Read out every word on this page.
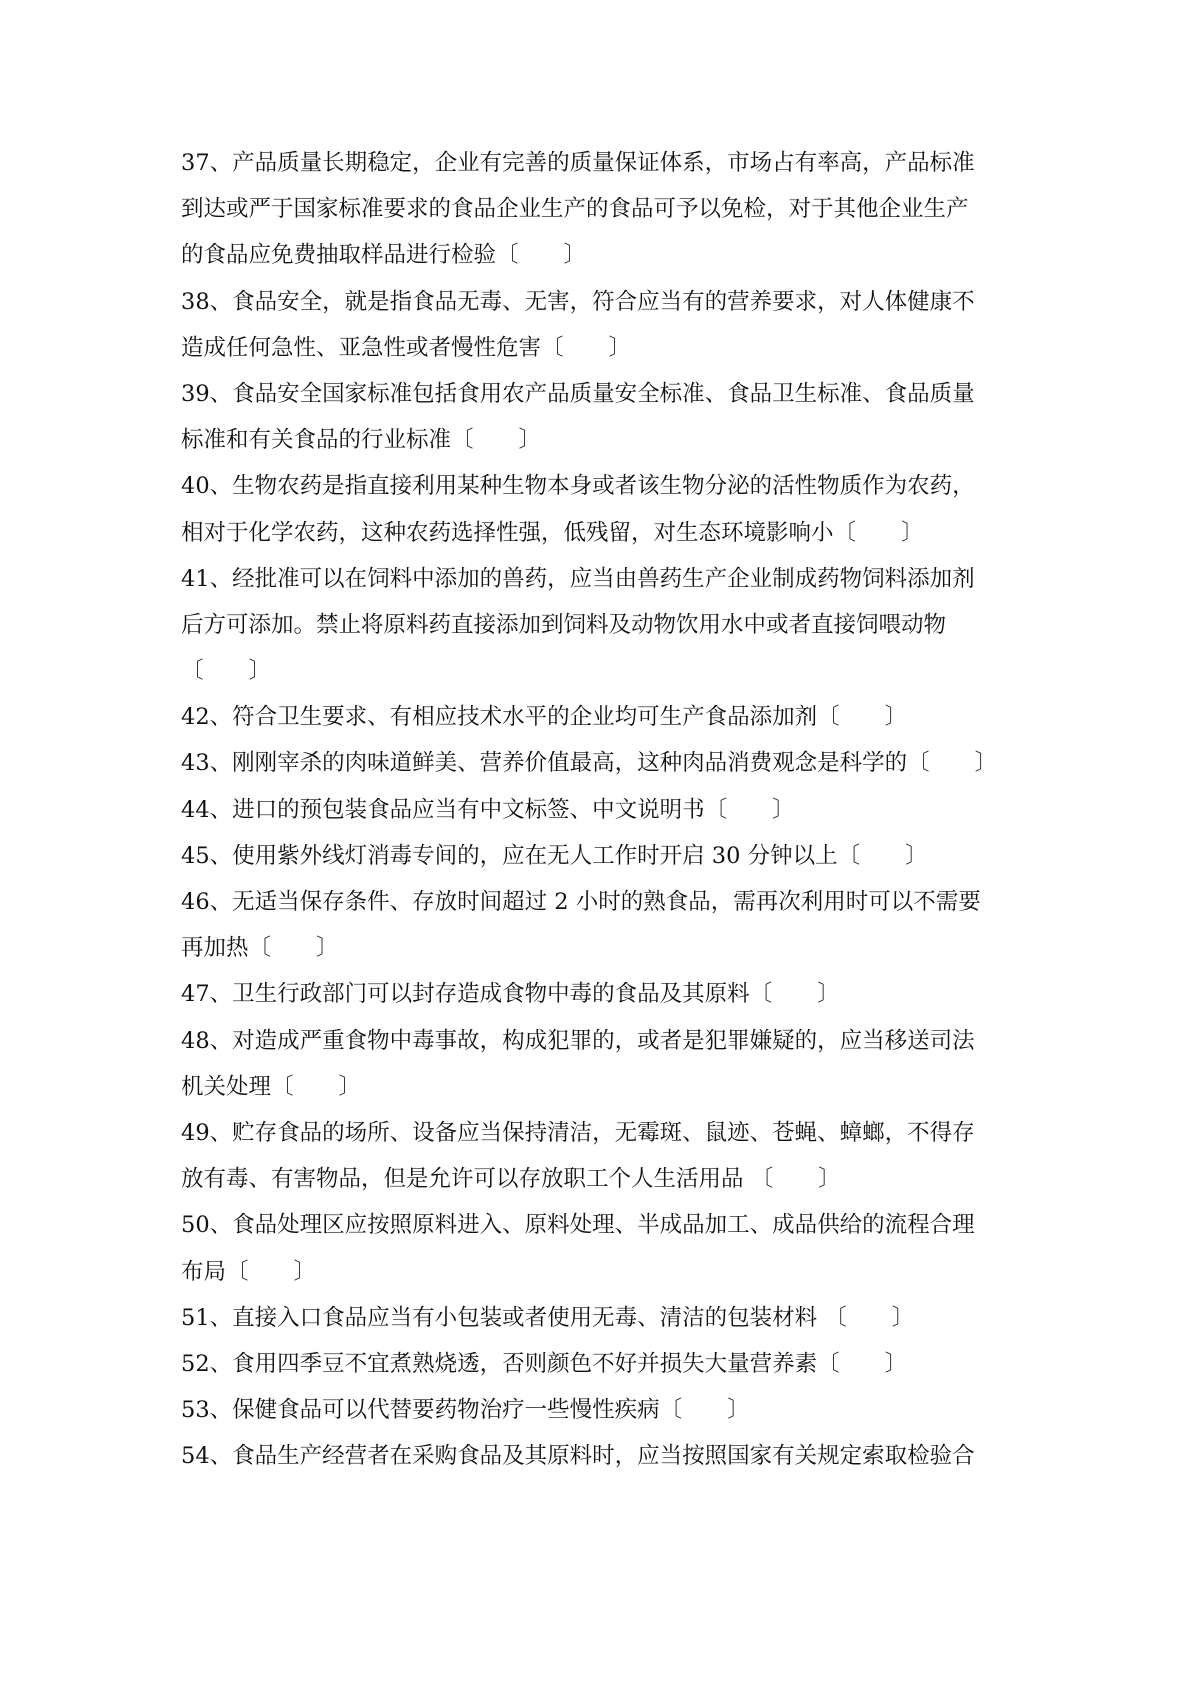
37、产品质量长期稳定，企业有完善的质量保证体系，市场占有率高，产品标准
到达或严于国家标准要求的食品企业生产的食品可予以免检，对于其他企业生产
的食品应免费抽取样品进行检验〔　　〕
38、食品安全，就是指食品无毒、无害，符合应当有的营养要求，对人体健康不
造成任何急性、亚急性或者慢性危害〔　　〕
39、食品安全国家标准包括食用农产品质量安全标准、食品卫生标准、食品质量
标准和有关食品的行业标准〔　　〕
40、生物农药是指直接利用某种生物本身或者该生物分泌的活性物质作为农药，
相对于化学农药，这种农药选择性强，低残留，对生态环境影响小〔　　〕
41、经批准可以在饲料中添加的兽药，应当由兽药生产企业制成药物饲料添加剂
后方可添加。禁止将原料药直接添加到饲料及动物饮用水中或者直接饲喂动物
〔　　〕
42、符合卫生要求、有相应技术水平的企业均可生产食品添加剂〔　　〕
43、刚刚宰杀的肉味道鲜美、营养价值最高，这种肉品消费观念是科学的〔　　〕
44、进口的预包装食品应当有中文标签、中文说明书〔　　〕
45、使用紫外线灯消毒专间的，应在无人工作时开启 30 分钟以上〔　　〕
46、无适当保存条件、存放时间超过 2 小时的熟食品，需再次利用时可以不需要
再加热〔　　〕
47、卫生行政部门可以封存造成食物中毒的食品及其原料〔　　〕
48、对造成严重食物中毒事故，构成犯罪的，或者是犯罪嫌疑的，应当移送司法
机关处理〔　　〕
49、贮存食品的场所、设备应当保持清洁，无霉斑、鼠迹、苍蝇、蟑螂，不得存
放有毒、有害物品，但是允许可以存放职工个人生活用品 〔　　〕
50、食品处理区应按照原料进入、原料处理、半成品加工、成品供给的流程合理
布局〔　　〕
51、直接入口食品应当有小包装或者使用无毒、清洁的包装材料 〔　　〕
52、食用四季豆不宜煮熟烧透，否则颜色不好并损失大量营养素〔　　〕
53、保健食品可以代替要药物治疗一些慢性疾病〔　　〕
54、食品生产经营者在采购食品及其原料时，应当按照国家有关规定索取检验合
